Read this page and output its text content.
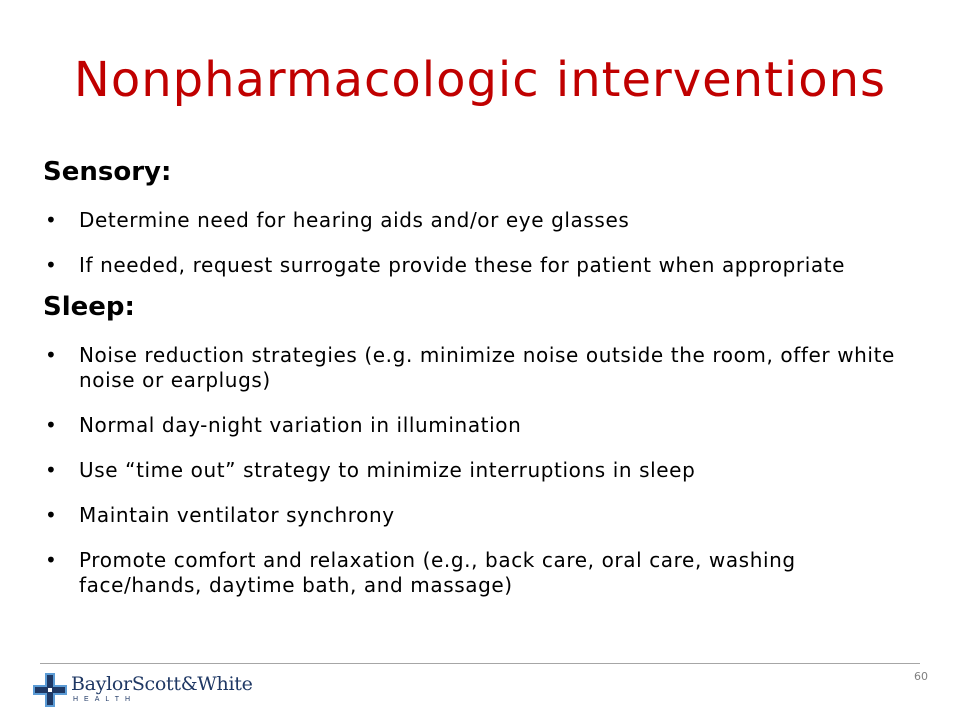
Nonpharmacologic interventions
Sensory:
• Determine need for hearing aids and/or eye glasses
• If needed, request surrogate provide these for patient when appropriate
Sleep:
• Noise reduction strategies (e.g. minimize noise outside the room, offer white noise or earplugs)
• Normal day-night variation in illumination
• Use “time out” strategy to minimize interruptions in sleep
• Maintain ventilator synchrony
• Promote comfort and relaxation (e.g., back care, oral care, washing face/hands, daytime bath, and massage)
BaylorScott&White
HEALTH
60
